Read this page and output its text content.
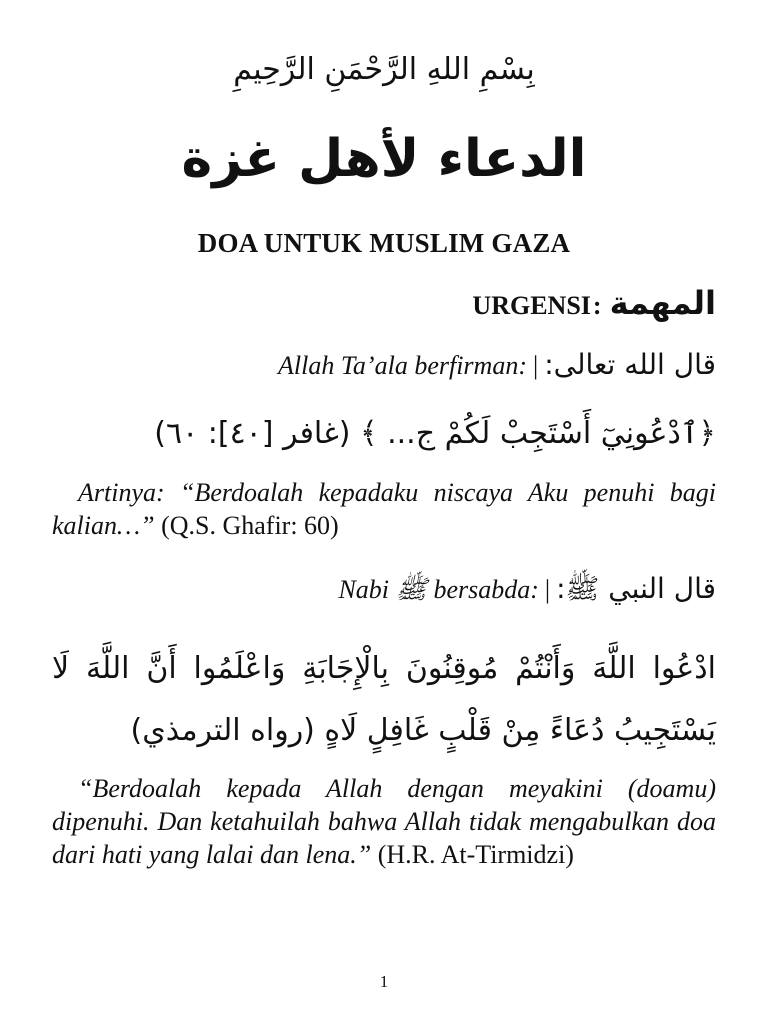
بِسْمِ اللهِ الرَّحْمَنِ الرَّحِيمِ
الدعاء لأهل غزة
DOA UNTUK MUSLIM GAZA
URGENSI : المهمة
Allah Ta’ala berfirman: | قال الله تعالى:
﴿ٱدْعُونِيٓ أَسْتَجِبْ لَكُمْ ج... ﴾ (غافر [٤٠]: ٦٠)
Artinya: “Berdoalah kepadaku niscaya Aku penuhi bagi kalian…” (Q.S. Ghafir: 60)
Nabi ﷺ bersabda: | قال النبي ﷺ:
ادْعُوا اللَّهَ وَأَنْتُمْ مُوقِنُونَ بِالْإِجَابَةِ وَاعْلَمُوا أَنَّ اللَّهَ لَا يَسْتَجِيبُ دُعَاءً مِنْ قَلْبٍ غَافِلٍ لَاهٍ (رواه الترمذي)
“Berdoalah kepada Allah dengan meyakini (doamu) dipenuhi. Dan ketahuilah bahwa Allah tidak mengabulkan doa dari hati yang lalai dan lena.” (H.R. At-Tirmidzi)
1
